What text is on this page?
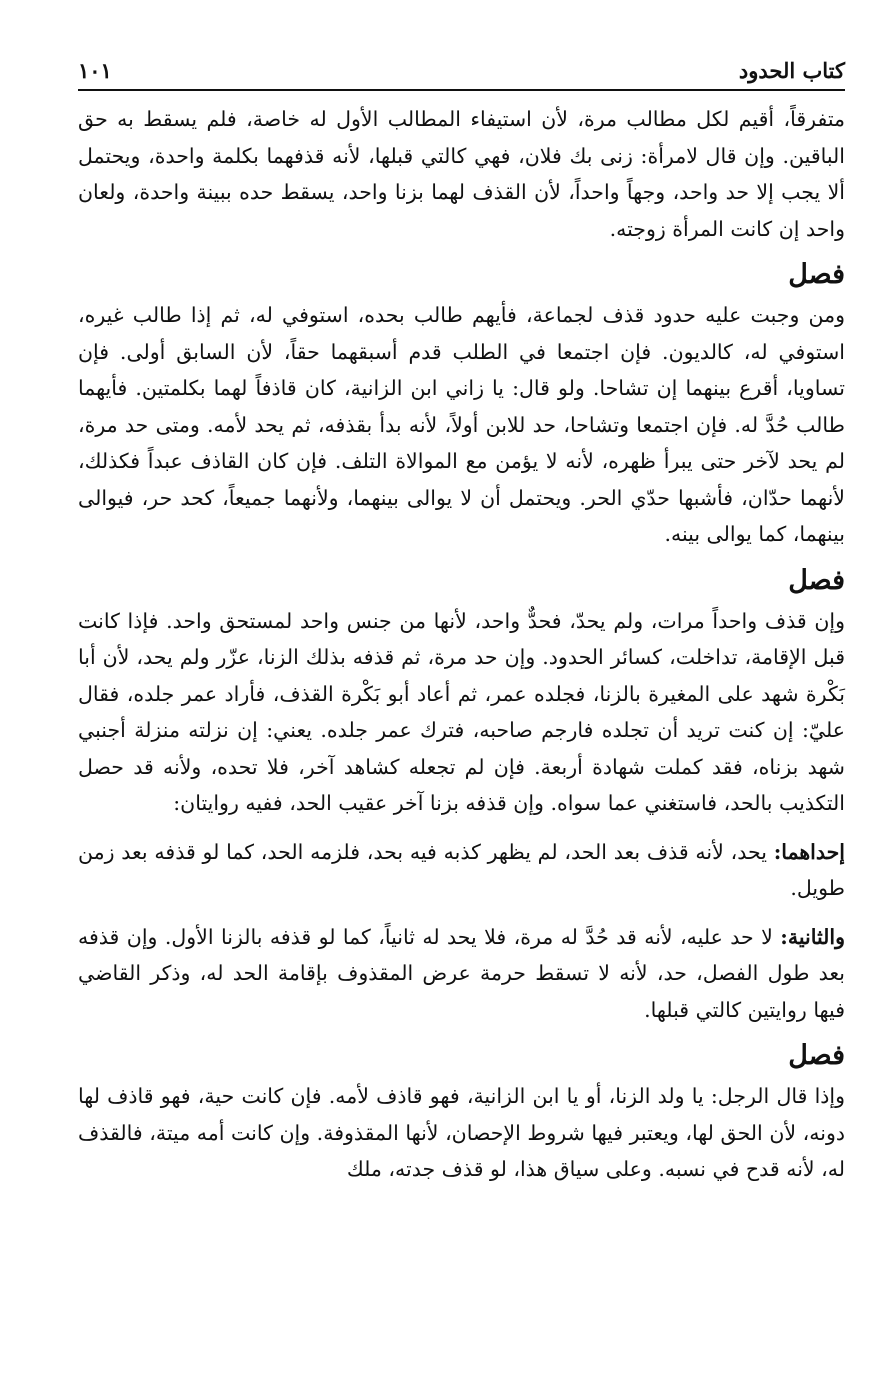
كتاب الحدود
١٠١

متفرقاً، أقيم لكل مطالب مرة، لأن استيفاء المطالب الأول له خاصة، فلم يسقط به حق الباقين. وإن قال لامرأة: زنى بك فلان، فهي كالتي قبلها، لأنه قذفهما بكلمة واحدة، ويحتمل ألا يجب إلا حد واحد، وجهاً واحداً، لأن القذف لهما بزنا واحد، يسقط حده ببينة واحدة، ولعان واحد إن كانت المرأة زوجته.

فصل

ومن وجبت عليه حدود قذف لجماعة، فأيهم طالب بحده، استوفي له، ثم إذا طالب غيره، استوفي له، كالديون. فإن اجتمعا في الطلب قدم أسبقهما حقاً، لأن السابق أولى. فإن تساويا، أقرع بينهما إن تشاحا. ولو قال: يا زاني ابن الزانية، كان قاذفاً لهما بكلمتين. فأيهما طالب حُدَّ له. فإن اجتمعا وتشاحا، حد للابن أولاً، لأنه بدأ بقذفه، ثم يحد لأمه. ومتى حد مرة، لم يحد لآخر حتى يبرأ ظهره، لأنه لا يؤمن مع الموالاة التلف. فإن كان القاذف عبداً فكذلك، لأنهما حدّان، فأشبها حدّي الحر. ويحتمل أن لا يوالى بينهما، ولأنهما جميعاً، كحد حر، فيوالى بينهما، كما يوالى بينه.

فصل

وإن قذف واحداً مرات، ولم يحدّ، فحدٌّ واحد، لأنها من جنس واحد لمستحق واحد. فإذا كانت قبل الإقامة، تداخلت، كسائر الحدود. وإن حد مرة، ثم قذفه بذلك الزنا، عزّر ولم يحد، لأن أبا بَكْرة شهد على المغيرة بالزنا، فجلده عمر، ثم أعاد أبو بَكْرة القذف، فأراد عمر جلده، فقال عليّ: إن كنت تريد أن تجلده فارجم صاحبه، فترك عمر جلده. يعني: إن نزلته منزلة أجنبي شهد بزناه، فقد كملت شهادة أربعة. فإن لم تجعله كشاهد آخر، فلا تحده، ولأنه قد حصل التكذيب بالحد، فاستغني عما سواه. وإن قذفه بزنا آخر عقيب الحد، ففيه روايتان:

إحداهما: يحد، لأنه قذف بعد الحد، لم يظهر كذبه فيه بحد، فلزمه الحد، كما لو قذفه بعد زمن طويل.

والثانية: لا حد عليه، لأنه قد حُدَّ له مرة، فلا يحد له ثانياً، كما لو قذفه بالزنا الأول. وإن قذفه بعد طول الفصل، حد، لأنه لا تسقط حرمة عرض المقذوف بإقامة الحد له، وذكر القاضي فيها روايتين كالتي قبلها.

فصل

وإذا قال الرجل: يا ولد الزنا، أو يا ابن الزانية، فهو قاذف لأمه. فإن كانت حية، فهو قاذف لها دونه، لأن الحق لها، ويعتبر فيها شروط الإحصان، لأنها المقذوفة. وإن كانت أمه ميتة، فالقذف له، لأنه قدح في نسبه. وعلى سياق هذا، لو قذف جدته، ملك
